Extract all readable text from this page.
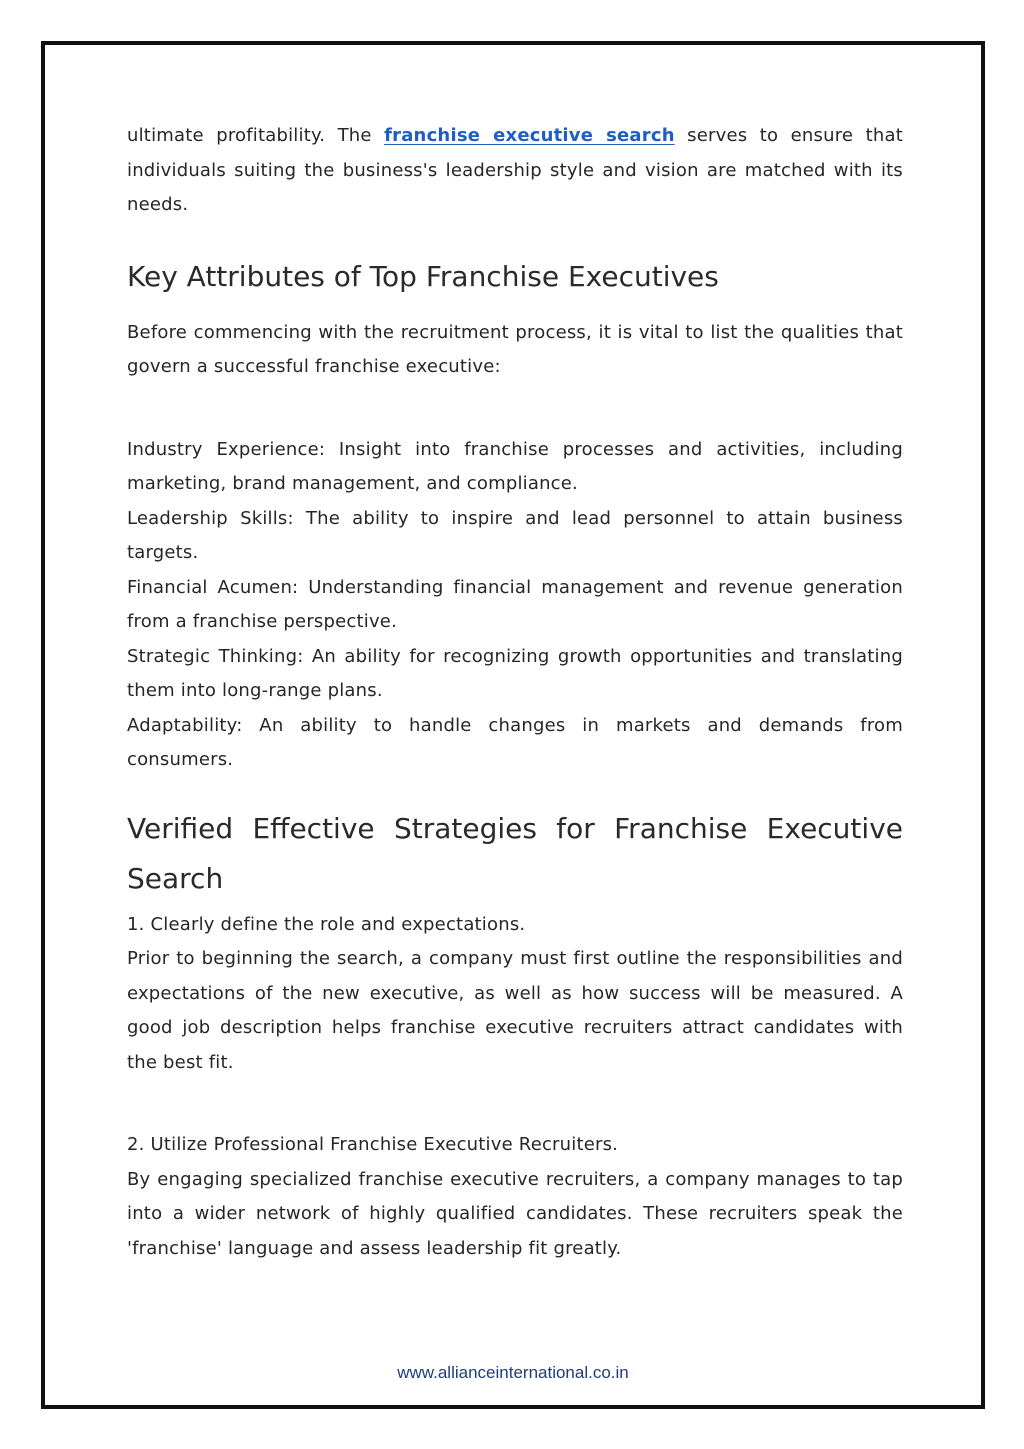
ultimate profitability. The franchise executive search serves to ensure that individuals suiting the business's leadership style and vision are matched with its needs.

Key Attributes of Top Franchise Executives

Before commencing with the recruitment process, it is vital to list the qualities that govern a successful franchise executive:

Industry Experience: Insight into franchise processes and activities, including marketing, brand management, and compliance.

Leadership Skills: The ability to inspire and lead personnel to attain business targets.

Financial Acumen: Understanding financial management and revenue generation from a franchise perspective.

Strategic Thinking: An ability for recognizing growth opportunities and translating them into long-range plans.

Adaptability: An ability to handle changes in markets and demands from consumers.

Verified Effective Strategies for Franchise Executive Search

1. Clearly define the role and expectations.

Prior to beginning the search, a company must first outline the responsibilities and expectations of the new executive, as well as how success will be measured. A good job description helps franchise executive recruiters attract candidates with the best fit.

2. Utilize Professional Franchise Executive Recruiters.

By engaging specialized franchise executive recruiters, a company manages to tap into a wider network of highly qualified candidates. These recruiters speak the 'franchise' language and assess leadership fit greatly.

www.allianceinternational.co.in
